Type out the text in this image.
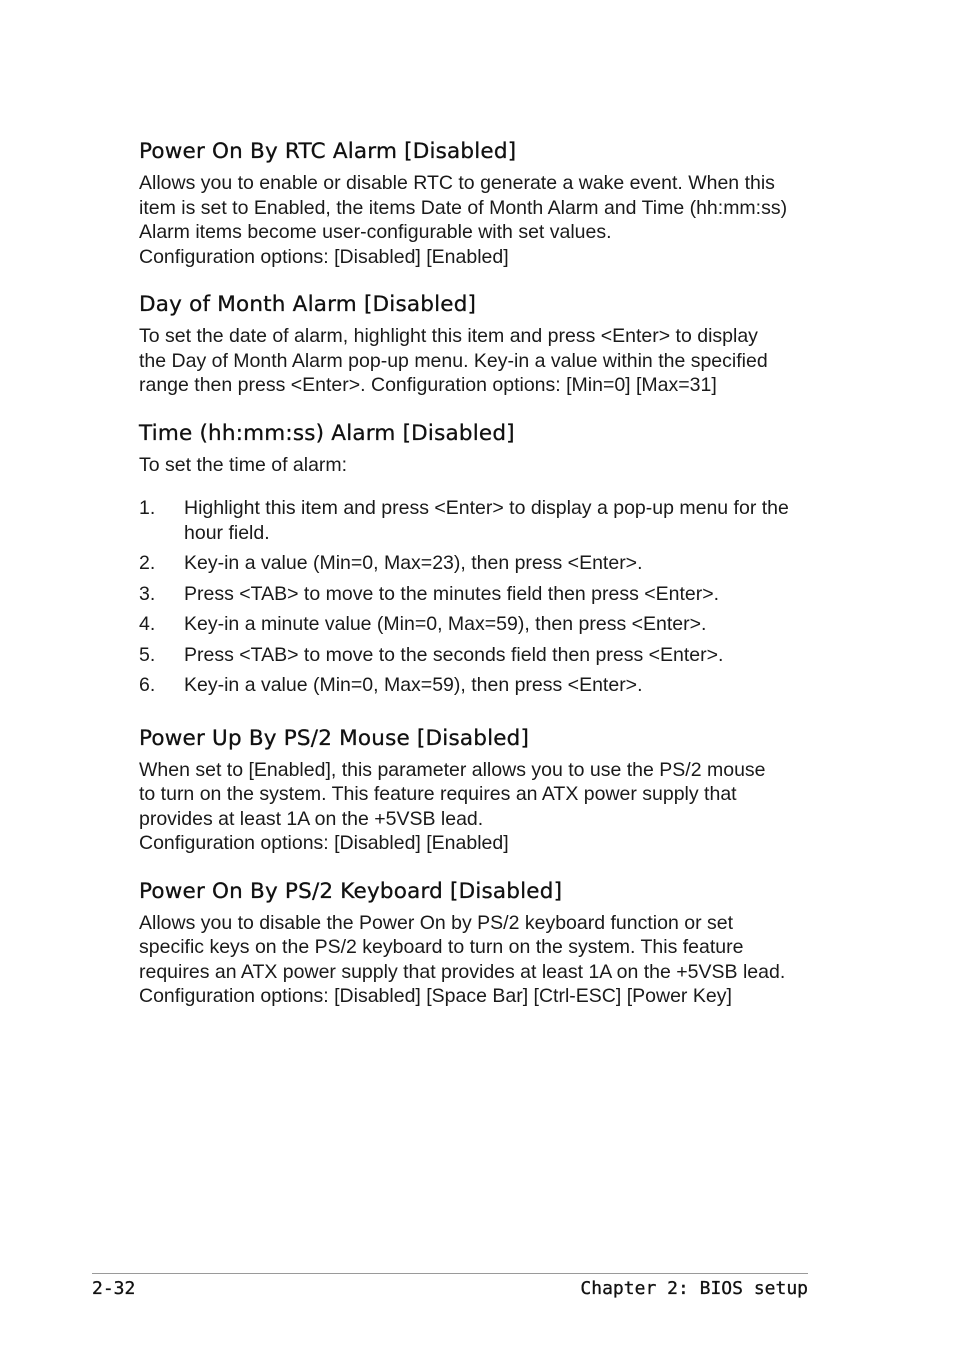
Power On By RTC Alarm [Disabled]

Allows you to enable or disable RTC to generate a wake event. When this

item is set to Enabled, the items Date of Month Alarm and Time (hh:mm:ss)

Alarm items become user-configurable with set values.

Configuration options: [Disabled] [Enabled]

Day of Month Alarm [Disabled]

To set the date of alarm, highlight this item and press <Enter> to display

the Day of Month Alarm pop-up menu. Key-in a value within the specified

range then press <Enter>. Configuration options: [Min=0] [Max=31]

Time (hh:mm:ss) Alarm [Disabled]

To set the time of alarm:

1.	Highlight this item and press <Enter> to display a pop-up menu for the
hour field.
2.	Key-in a value (Min=0, Max=23), then press <Enter>.
3.	Press <TAB> to move to the minutes field then press <Enter>.
4.	Key-in a minute value (Min=0, Max=59), then press <Enter>.
5.	Press <TAB> to move to the seconds field then press <Enter>.
6.	Key-in a value (Min=0, Max=59), then press <Enter>.
Power Up By PS/2 Mouse [Disabled]

When set to [Enabled], this parameter allows you to use the PS/2 mouse

to turn on the system. This feature requires an ATX power supply that

provides at least 1A on the +5VSB lead.

Configuration options: [Disabled] [Enabled]

Power On By PS/2 Keyboard [Disabled]

Allows you to disable the Power On by PS/2 keyboard function or set

specific keys on the PS/2 keyboard to turn on the system. This feature

requires an ATX power supply that provides at least 1A on the +5VSB lead.

Configuration options: [Disabled] [Space Bar] [Ctrl-ESC] [Power Key]

2-32	Chapter 2: BIOS setup
